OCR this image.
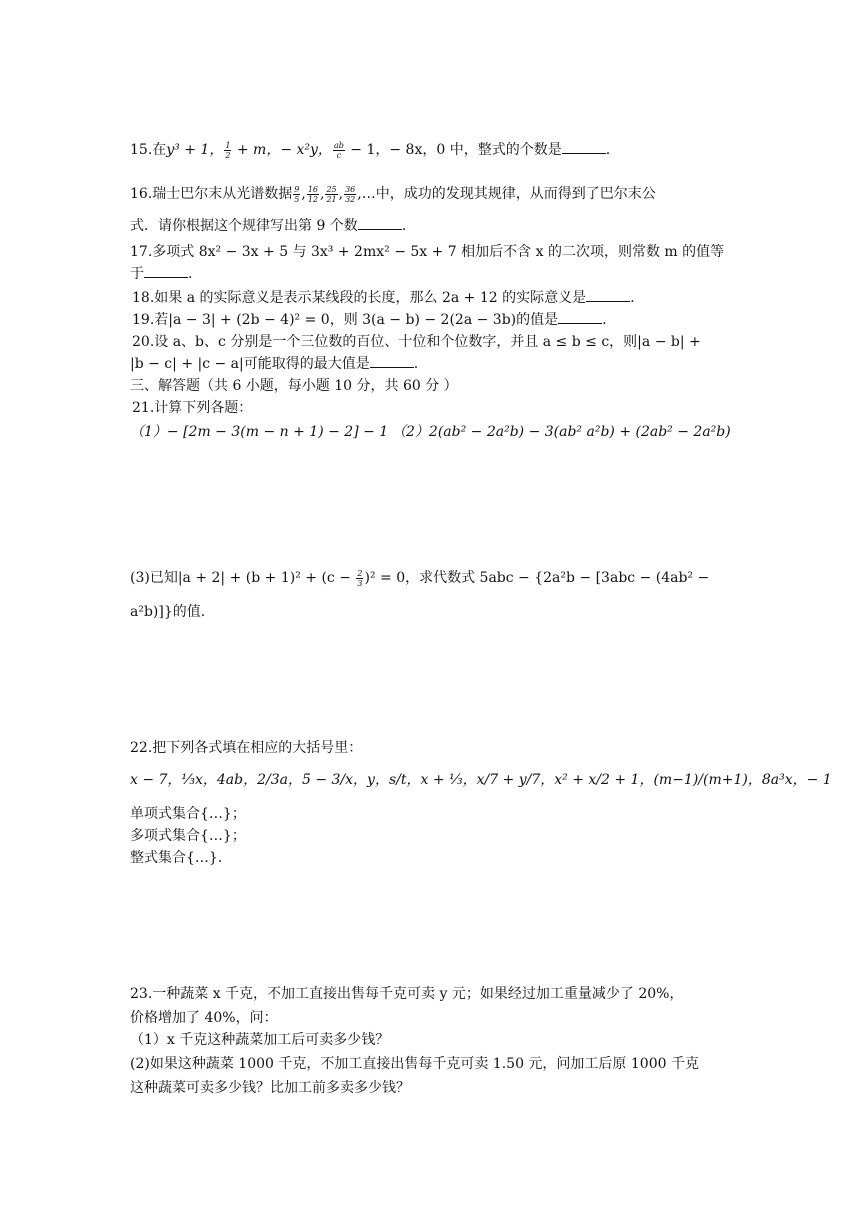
15.在y³ + 1， $\frac{1}{2} + m$，− x²y， $\frac{ab}{c} - 1$，− 8x，0 中，整式的个数是	.
16.瑞士巴尔末从光谱数据 $\frac{9}{5}$ , $\frac{16}{12}$ , $\frac{25}{21}$ , $\frac{36}{32}$ ,…中，成功的发现其规律，从而得到了巴尔末公
式．请你根据这个规律写出第 9 个数	.
17.多项式 8x² − 3x + 5 与 3x³ + 2mx² − 5x + 7 相加后不含 x 的二次项，则常数 m 的值等
于	.
18.如果 a 的实际意义是表示某线段的长度，那么 2a + 12 的实际意义是	.
19.若|a − 3| + (2b − 4)² = 0，则 3(a − b) − 2(2a − 3b)的值是	.
20.设 a、b、c 分别是一个三位数的百位、十位和个位数字，并且 a ≤ b ≤ c，则|a − b| +
|b − c| + |c − a|可能取得的最大值是	.
三、解答题（共 6 小题，每小题 10 分，共 60 分 ）
21.计算下列各题：
（1）− [2m − 3(m − n + 1) − 2] − 1 （2）2(ab² − 2a²b) − 3(ab² a²b) + (2ab² − 2a²b)
(3)已知$|a + 2| + (b + 1)^2 + (c - \frac{2}{3} )^2 = 0$，求代数式 5abc − {2a²b − [3abc − (4ab² −
a²b)]}的值.
22.把下列各式填在相应的大括号里：
x − 7，⅓x，4ab，2/3a，5 − 3/x，y，s/t，x + ⅓，x/7 + y/7，x² + x/2 + 1，(m−1)/(m+1)，8a³x，− 1
单项式集合{…}；
多项式集合{…}；
整式集合{…}.
23.一种蔬菜 x 千克，不加工直接出售每千克可卖 y 元；如果经过加工重量减少了 20%，
价格增加了 40%，问：
（1）x 千克这种蔬菜加工后可卖多少钱？
(2)如果这种蔬菜 1000 千克，不加工直接出售每千克可卖 1.50 元，问加工后原 1000 千克
这种蔬菜可卖多少钱？比加工前多卖多少钱？
